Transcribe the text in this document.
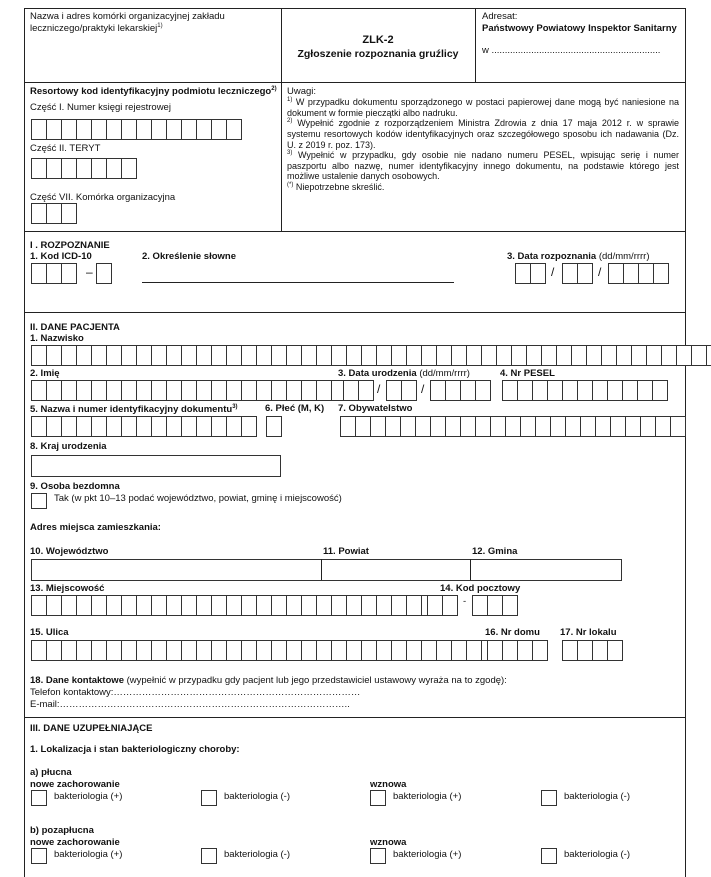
Nazwa i adres komórki organizacyjnej zakładu leczniczego/praktyki lekarskiej$^{1)}$
ZLK-2
Zgłoszenie rozpoznania gruźlicy
Adresat:
Państwowy Powiatowy Inspektor Sanitarny
w ................................................................
Resortowy kod identyfikacyjny podmiotu leczniczego$^{2)}$
Część I. Numer księgi rejestrowej
Część II. TERYT
Część VII. Komórka organizacyjna
Uwagi:
$^{1)}$ W przypadku dokumentu sporządzonego w postaci papierowej dane mogą być naniesione na dokument w formie pieczątki albo nadruku.
$^{2)}$ Wypełnić zgodnie z rozporządzeniem Ministra Zdrowia z dnia 17 maja 2012 r. w sprawie systemu resortowych kodów identyfikacyjnych oraz szczegółowego sposobu ich nadawania (Dz. U. z 2019 r. poz. 173).
$^{3)}$ Wypełnić w przypadku, gdy osobie nie nadano numeru PESEL, wpisując serię i numer paszportu albo nazwę, numer identyfikacyjny innego dokumentu, na podstawie którego jest możliwe ustalenie danych osobowych.
(*) Niepotrzebne skreślić.
I . ROZPOZNANIE
1. Kod ICD-10
–
2. Określenie słowne	3. Data rozpoznania (dd/mm/rrrr)
/	/
II. DANE PACJENTA
1. Nazwisko
2. Imię	3. Data urodzenia (dd/mm/rrrr)
/	/
4. Nr PESEL
5. Nazwa i numer identyfikacyjny dokumentu$^{3)}$	6. Płeć (M, K) 7. Obywatelstwo
8. Kraj urodzenia
9. Osoba bezdomna
Tak (w pkt 10–13 podać województwo, powiat, gminę i miejscowość)
Adres miejsca zamieszkania:
10. Województwo	11. Powiat	12. Gmina
13. Miejscowość	14. Kod pocztowy
-
15. Ulica	16. Nr domu 17. Nr lokalu
18. Dane kontaktowe (wypełnić w przypadku gdy pacjent lub jego przedstawiciel ustawowy wyraża na to zgodę):
Telefon kontaktowy:……………………………………………………………………
E-mail:………………………………………………………………………………..
III. DANE UZUPEŁNIAJĄCE
1. Lokalizacja i stan bakteriologiczny choroby:
a) płucna
nowe zachorowanie	wznowa
bakteriologia (+)	bakteriologia (-)	bakteriologia (+)	bakteriologia (-)
b) pozapłucna
nowe zachorowanie	wznowa
bakteriologia (+)	bakteriologia (-)	bakteriologia (+)	bakteriologia (-)
